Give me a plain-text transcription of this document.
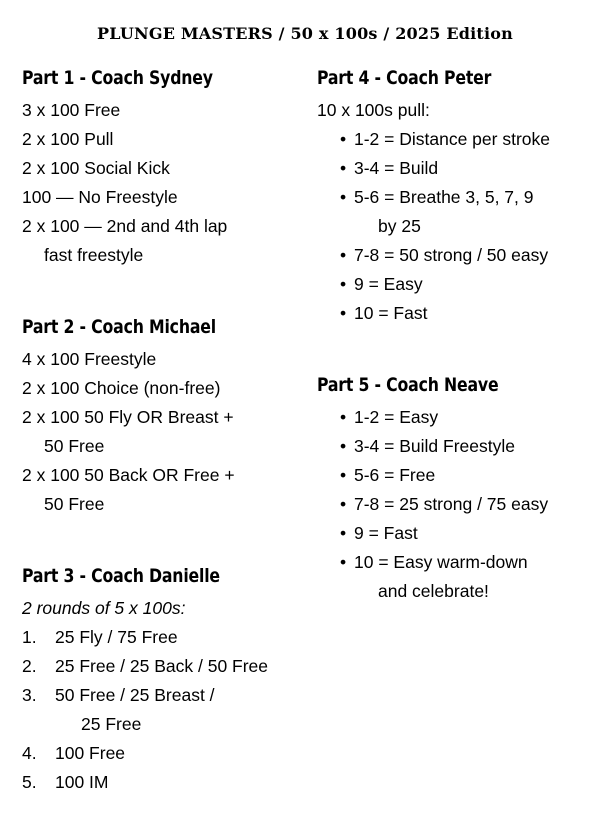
PLUNGE MASTERS / 50 x 100s / 2025 Edition
Part 1 - Coach Sydney
3 x 100 Free
2 x 100 Pull
2 x 100 Social Kick
100 — No Freestyle
2 x 100 — 2nd and 4th lap
fast freestyle
Part 2 - Coach Michael
4 x 100 Freestyle
2 x 100 Choice (non-free)
2 x 100 50 Fly OR Breast +
50 Free
2 x 100 50 Back OR Free +
50 Free
Part 3 - Coach Danielle
2 rounds of 5 x 100s:
1.	25 Fly / 75 Free
2.	25 Free / 25 Back / 50 Free
3.	50 Free / 25 Breast /
25 Free
4.	100 Free
5.	100 IM
Part 4 - Coach Peter
10 x 100s pull:
• 1-2 = Distance per stroke
• 3-4 = Build
• 5-6 = Breathe 3, 5, 7, 9
by 25
• 7-8 = 50 strong / 50 easy
• 9 = Easy
• 10 = Fast
Part 5 - Coach Neave
• 1-2 = Easy
• 3-4 = Build Freestyle
• 5-6 = Free
• 7-8 = 25 strong / 75 easy
• 9 = Fast
• 10 = Easy warm-down
and celebrate!
